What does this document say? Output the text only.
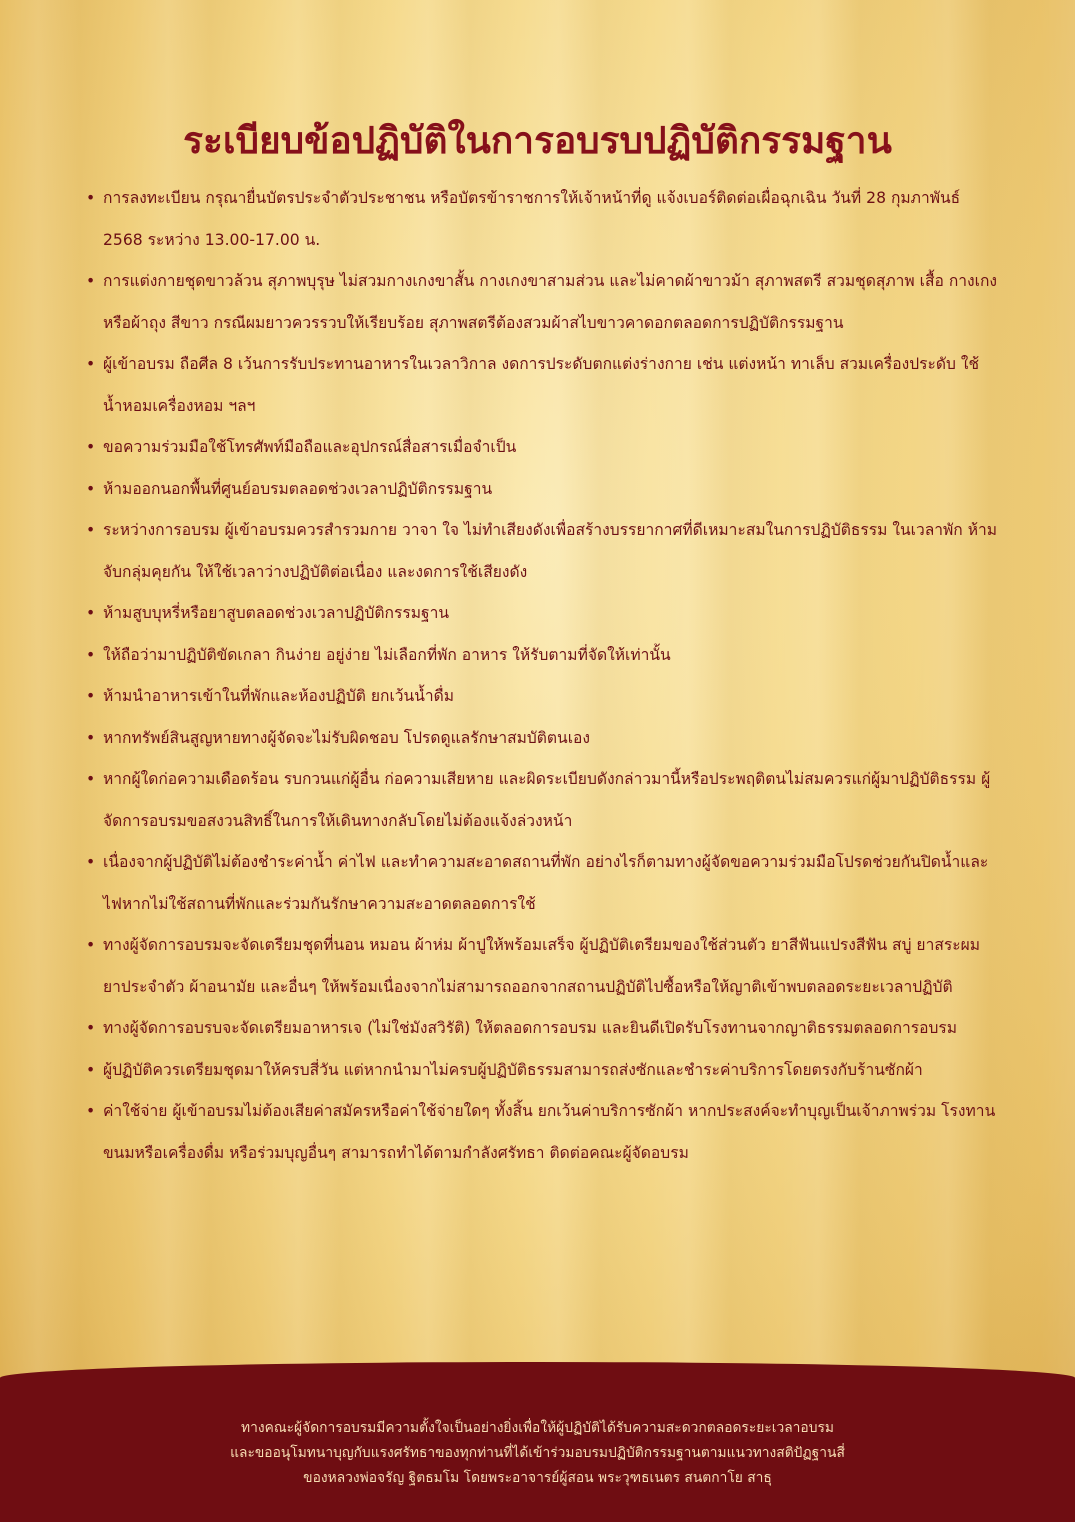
ระเบียบข้อปฏิบัติในการอบรบปฏิบัติกรรมฐาน
• การลงทะเบียน กรุณายื่นบัตรประจำตัวประชาชน หรือบัตรข้าราชการให้เจ้าหน้าที่ดู แจ้งเบอร์ติดต่อเผื่อฉุกเฉิน วันที่ 28 กุมภาพันธ์ 2568 ระหว่าง 13.00-17.00 น.
• การแต่งกายชุดขาวล้วน สุภาพบุรุษ ไม่สวมกางเกงขาสั้น กางเกงขาสามส่วน และไม่คาดผ้าขาวม้า สุภาพสตรี สวมชุดสุภาพ เสื้อ กางเกงหรือผ้าถุง สีขาว กรณีผมยาวควรรวบให้เรียบร้อย สุภาพสตรีต้องสวมผ้าสไบขาวคาดอกตลอดการปฏิบัติกรรมฐาน
• ผู้เข้าอบรม ถือศีล 8 เว้นการรับประทานอาหารในเวลาวิกาล งดการประดับตกแต่งร่างกาย เช่น แต่งหน้า ทาเล็บ สวมเครื่องประดับ ใช้น้ำหอมเครื่องหอม ฯลฯ
• ขอความร่วมมือใช้โทรศัพท์มือถือและอุปกรณ์สื่อสารเมื่อจำเป็น
• ห้ามออกนอกพื้นที่ศูนย์อบรมตลอดช่วงเวลาปฏิบัติกรรมฐาน
• ระหว่างการอบรม ผู้เข้าอบรมควรสำรวมกาย วาจา ใจ ไม่ทำเสียงดังเพื่อสร้างบรรยากาศที่ดีเหมาะสมในการปฏิบัติธรรม ในเวลาพัก ห้ามจับกลุ่มคุยกัน ให้ใช้เวลาว่างปฏิบัติต่อเนื่อง และงดการใช้เสียงดัง
• ห้ามสูบบุหรี่หรือยาสูบตลอดช่วงเวลาปฏิบัติกรรมฐาน
• ให้ถือว่ามาปฏิบัติขัดเกลา กินง่าย อยู่ง่าย ไม่เลือกที่พัก อาหาร ให้รับตามที่จัดให้เท่านั้น
• ห้ามนำอาหารเข้าในที่พักและห้องปฏิบัติ ยกเว้นน้ำดื่ม
• หากทรัพย์สินสูญหายทางผู้จัดจะไม่รับผิดชอบ โปรดดูแลรักษาสมบัติตนเอง
• หากผู้ใดก่อความเดือดร้อน รบกวนแก่ผู้อื่น ก่อความเสียหาย และผิดระเบียบดังกล่าวมานี้หรือประพฤติตนไม่สมควรแก่ผู้มาปฏิบัติธรรม ผู้จัดการอบรมขอสงวนสิทธิ์ในการให้เดินทางกลับโดยไม่ต้องแจ้งล่วงหน้า
• เนื่องจากผู้ปฏิบัติไม่ต้องชำระค่าน้ำ ค่าไฟ และทำความสะอาดสถานที่พัก อย่างไรก็ตามทางผู้จัดขอความร่วมมือโปรดช่วยกันปิดน้ำและไฟหากไม่ใช้สถานที่พักและร่วมกันรักษาความสะอาดตลอดการใช้
• ทางผู้จัดการอบรมจะจัดเตรียมชุดที่นอน หมอน ผ้าห่ม ผ้าปูให้พร้อมเสร็จ ผู้ปฏิบัติเตรียมของใช้ส่วนตัว ยาสีฟันแปรงสีฟัน สบู่ ยาสระผม ยาประจำตัว ผ้าอนามัย และอื่นๆ ให้พร้อมเนื่องจากไม่สามารถออกจากสถานปฏิบัติไปซื้อหรือให้ญาติเข้าพบตลอดระยะเวลาปฏิบัติ
• ทางผู้จัดการอบรบจะจัดเตรียมอาหารเจ (ไม่ใช่มังสวิรัติ) ให้ตลอดการอบรม และยินดีเปิดรับโรงทานจากญาติธรรมตลอดการอบรม
• ผู้ปฏิบัติควรเตรียมชุดมาให้ครบสี่วัน แต่หากนำมาไม่ครบผู้ปฏิบัติธรรมสามารถส่งซักและชำระค่าบริการโดยตรงกับร้านซักผ้า
• ค่าใช้จ่าย ผู้เข้าอบรมไม่ต้องเสียค่าสมัครหรือค่าใช้จ่ายใดๆ ทั้งสิ้น ยกเว้นค่าบริการซักผ้า หากประสงค์จะทำบุญเป็นเจ้าภาพร่วม โรงทานขนมหรือเครื่องดื่ม หรือร่วมบุญอื่นๆ สามารถทำได้ตามกำลังศรัทธา ติดต่อคณะผู้จัดอบรม
ทางคณะผู้จัดการอบรมมีความตั้งใจเป็นอย่างยิ่งเพื่อให้ผู้ปฏิบัติได้รับความสะดวกตลอดระยะเวลาอบรม
และขออนุโมทนาบุญกับแรงศรัทธาของทุกท่านที่ได้เข้าร่วมอบรมปฏิบัติกรรมฐานตามแนวทางสติปัฏฐานสี่
ของหลวงพ่อจรัญ ฐิตธมโม โดยพระอาจารย์ผู้สอน พระวุฑธเนตร สนตกาโย สาธุ
